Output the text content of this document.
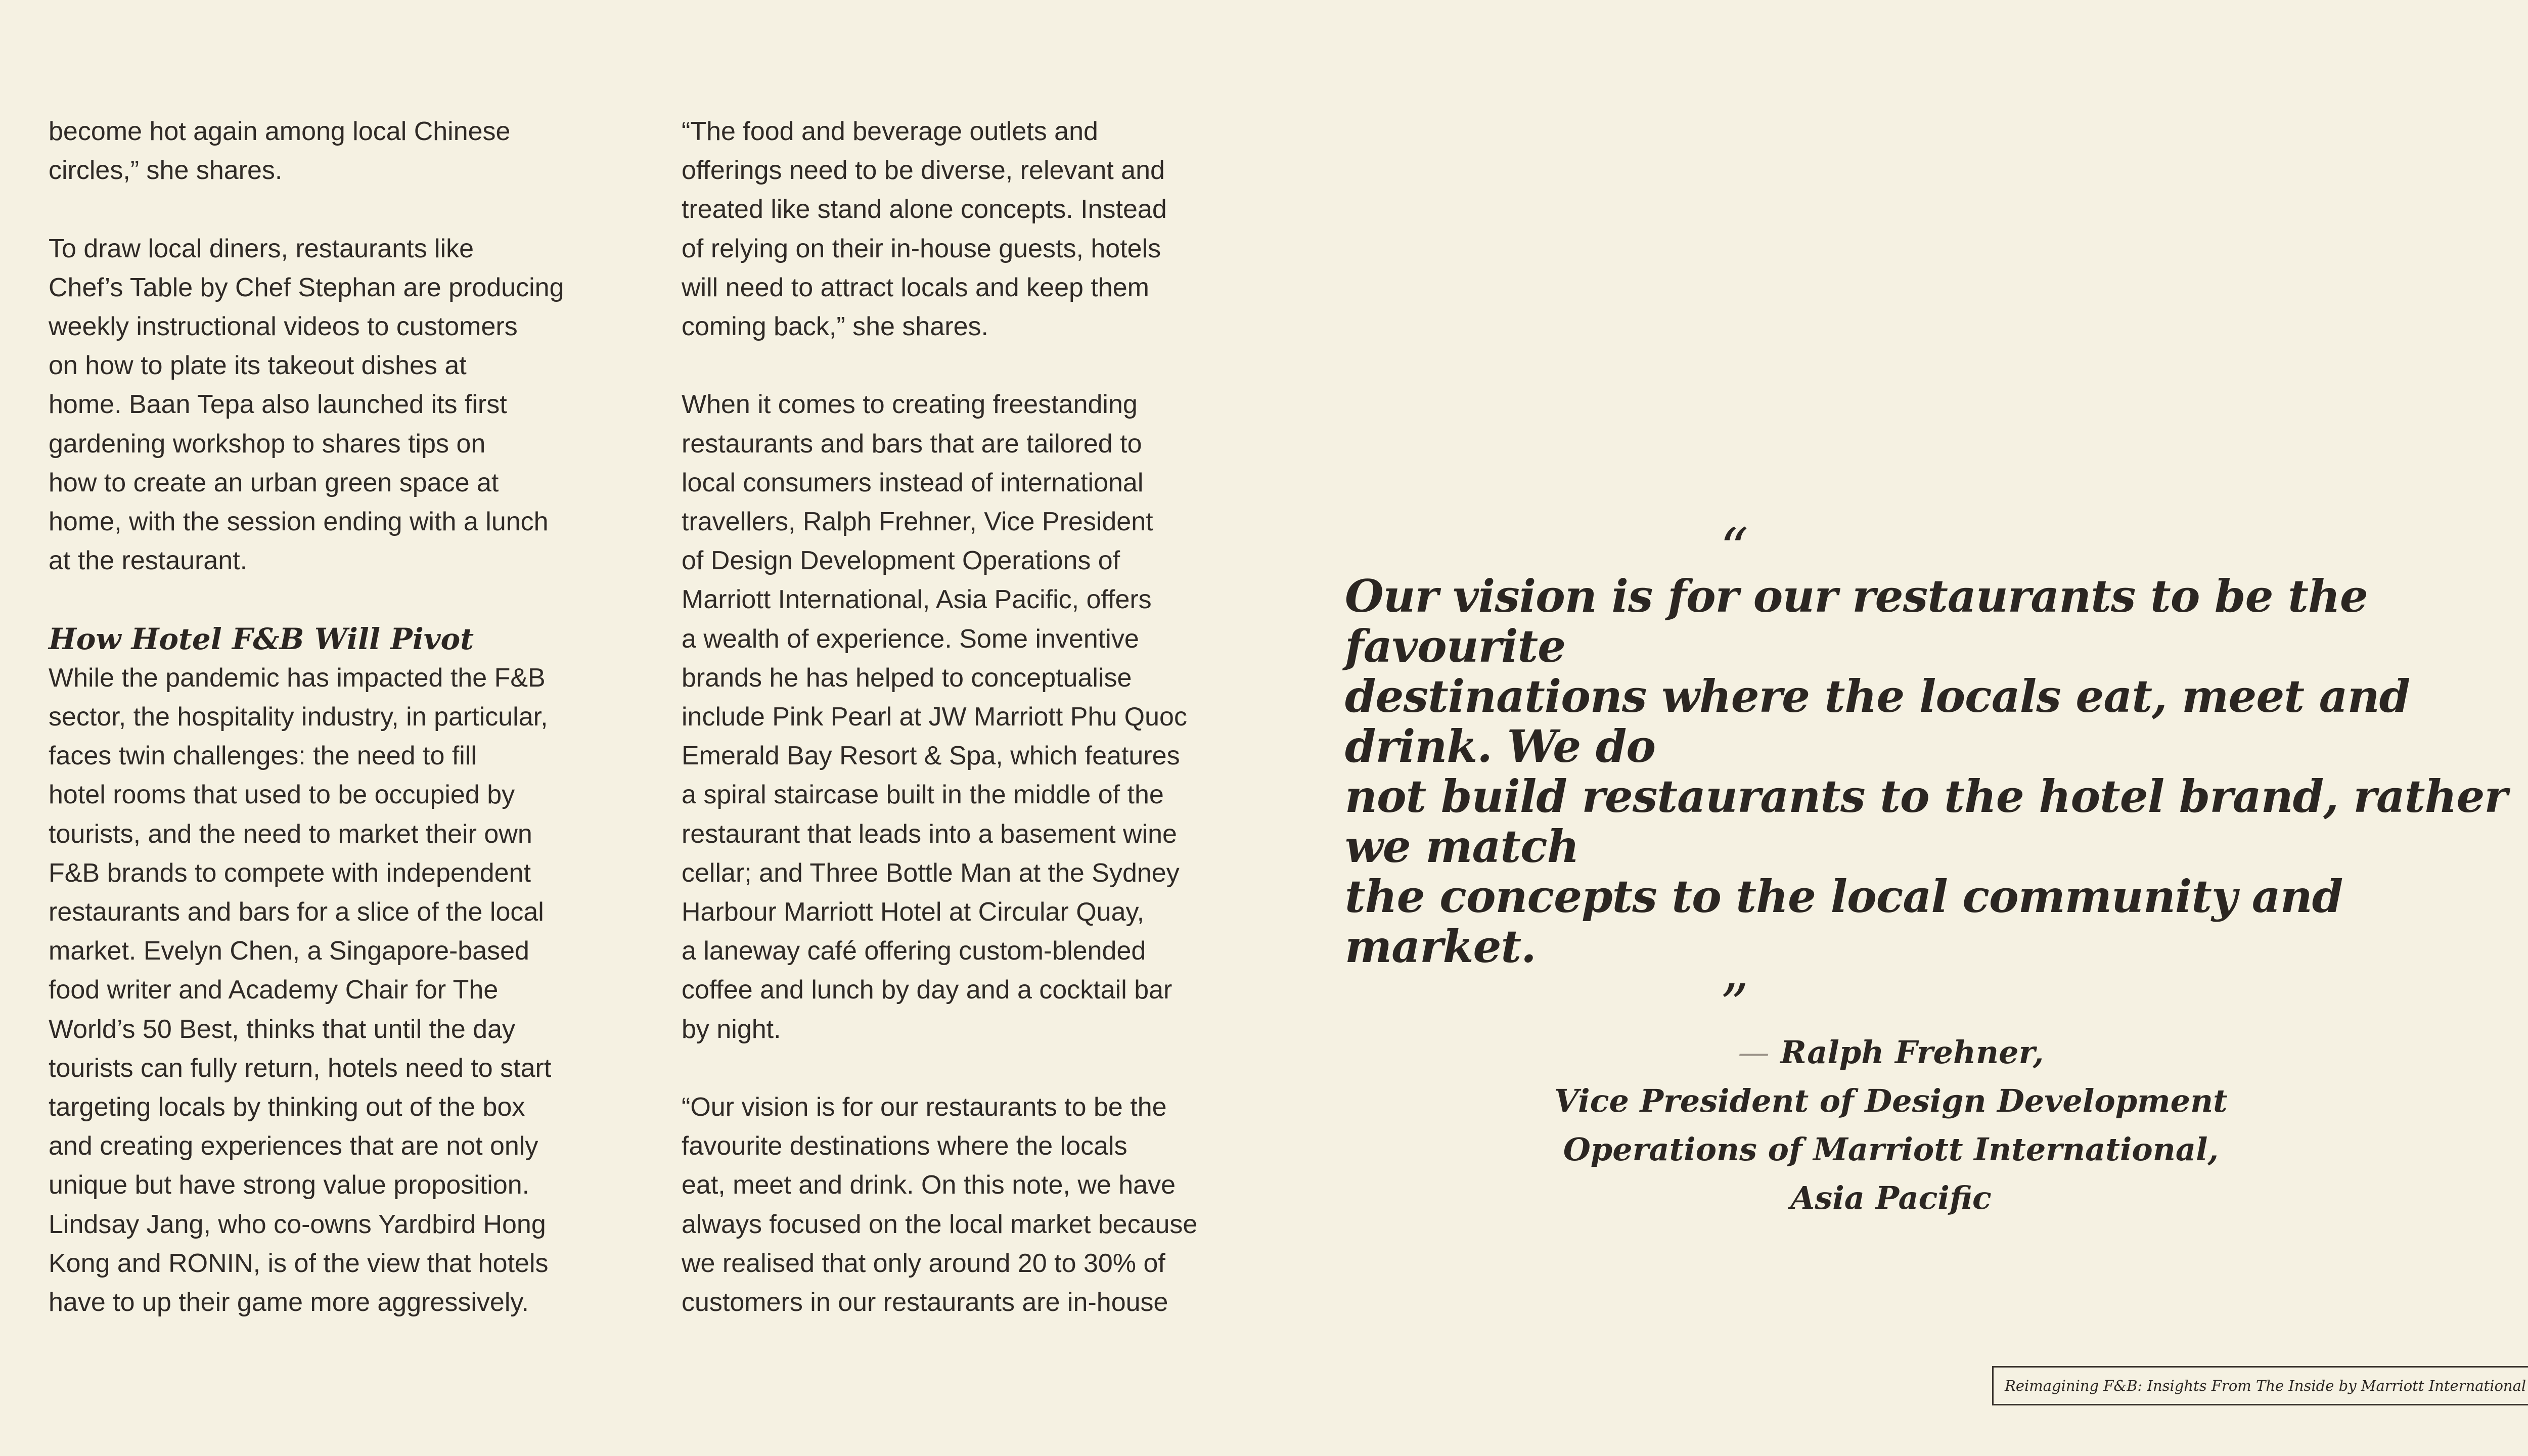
become hot again among local Chinese
circles,” she shares.

To draw local diners, restaurants like
Chef’s Table by Chef Stephan are producing
weekly instructional videos to customers
on how to plate its takeout dishes at
home. Baan Tepa also launched its first
gardening workshop to shares tips on
how to create an urban green space at
home, with the session ending with a lunch
at the restaurant.

How Hotel F&B Will Pivot

While the pandemic has impacted the F&B
sector, the hospitality industry, in particular,
faces twin challenges: the need to fill
hotel rooms that used to be occupied by
tourists, and the need to market their own
F&B brands to compete with independent
restaurants and bars for a slice of the local
market. Evelyn Chen, a Singapore-based
food writer and Academy Chair for The
World’s 50 Best, thinks that until the day
tourists can fully return, hotels need to start
targeting locals by thinking out of the box
and creating experiences that are not only
unique but have strong value proposition.
Lindsay Jang, who co-owns Yardbird Hong
Kong and RONIN, is of the view that hotels
have to up their game more aggressively.

“The food and beverage outlets and
offerings need to be diverse, relevant and
treated like stand alone concepts. Instead
of relying on their in-house guests, hotels
will need to attract locals and keep them
coming back,” she shares.

When it comes to creating freestanding
restaurants and bars that are tailored to
local consumers instead of international
travellers, Ralph Frehner, Vice President
of Design Development Operations of
Marriott International, Asia Pacific, offers
a wealth of experience. Some inventive
brands he has helped to conceptualise
include Pink Pearl at JW Marriott Phu Quoc
Emerald Bay Resort & Spa, which features
a spiral staircase built in the middle of the
restaurant that leads into a basement wine
cellar; and Three Bottle Man at the Sydney
Harbour Marriott Hotel at Circular Quay,
a laneway café offering custom-blended
coffee and lunch by day and a cocktail bar
by night.

“Our vision is for our restaurants to be the
favourite destinations where the locals
eat, meet and drink. On this note, we have
always focused on the local market because
we realised that only around 20 to 30% of
customers in our restaurants are in-house

“
Our vision is for our restaurants to be the favourite
destinations where the locals eat, meet and drink. We do
not build restaurants to the hotel brand, rather we match
the concepts to the local community and market.
”
— Ralph Frehner,
Vice President of Design Development
Operations of Marriott International,
Asia Pacific
Reimagining F&B: Insights From The Inside by Marriott International
